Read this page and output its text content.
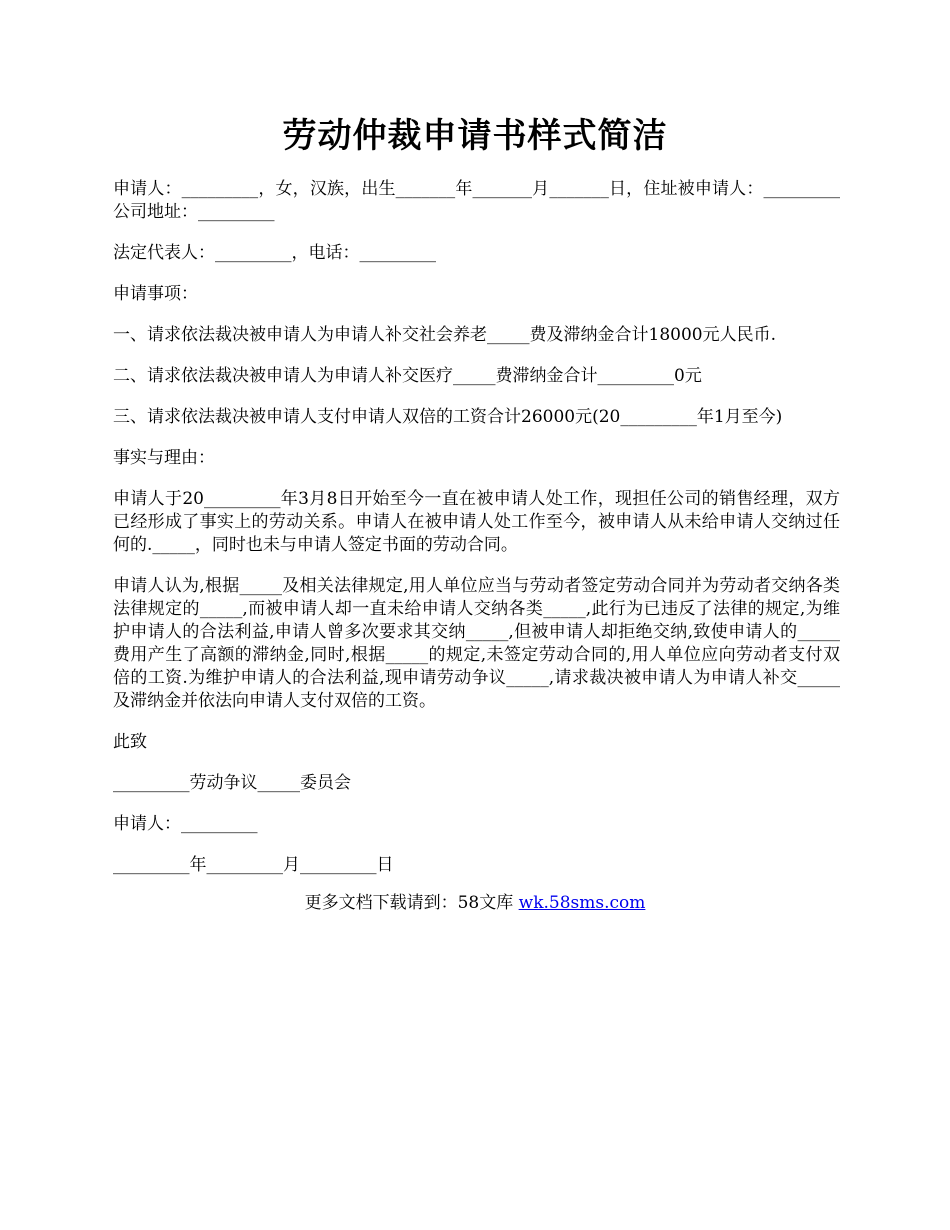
劳动仲裁申请书样式简洁

申请人：_________，女，汉族，出生_______年_______月_______日，住址被申请人：_________公司地址：_________

法定代表人：_________，电话：_________

申请事项：

一、请求依法裁决被申请人为申请人补交社会养老_____费及滞纳金合计18000元人民币.

二、请求依法裁决被申请人为申请人补交医疗_____费滞纳金合计_________0元

三、请求依法裁决被申请人支付申请人双倍的工资合计26000元(20_________年1月至今)

事实与理由：

申请人于20_________年3月8日开始至今一直在被申请人处工作，现担任公司的销售经理，双方已经形成了事实上的劳动关系。申请人在被申请人处工作至今，被申请人从未给申请人交纳过任何的._____，同时也未与申请人签定书面的劳动合同。

申请人认为,根据_____及相关法律规定,用人单位应当与劳动者签定劳动合同并为劳动者交纳各类法律规定的_____,而被申请人却一直未给申请人交纳各类_____,此行为已违反了法律的规定,为维护申请人的合法利益,申请人曾多次要求其交纳_____,但被申请人却拒绝交纳,致使申请人的_____费用产生了高额的滞纳金,同时,根据_____的规定,未签定劳动合同的,用人单位应向劳动者支付双倍的工资.为维护申请人的合法利益,现申请劳动争议_____,请求裁决被申请人为申请人补交_____及滞纳金并依法向申请人支付双倍的工资。

此致

_________劳动争议_____委员会

申请人：_________

_________年_________月_________日

更多文档下载请到：58文库 wk.58sms.com
